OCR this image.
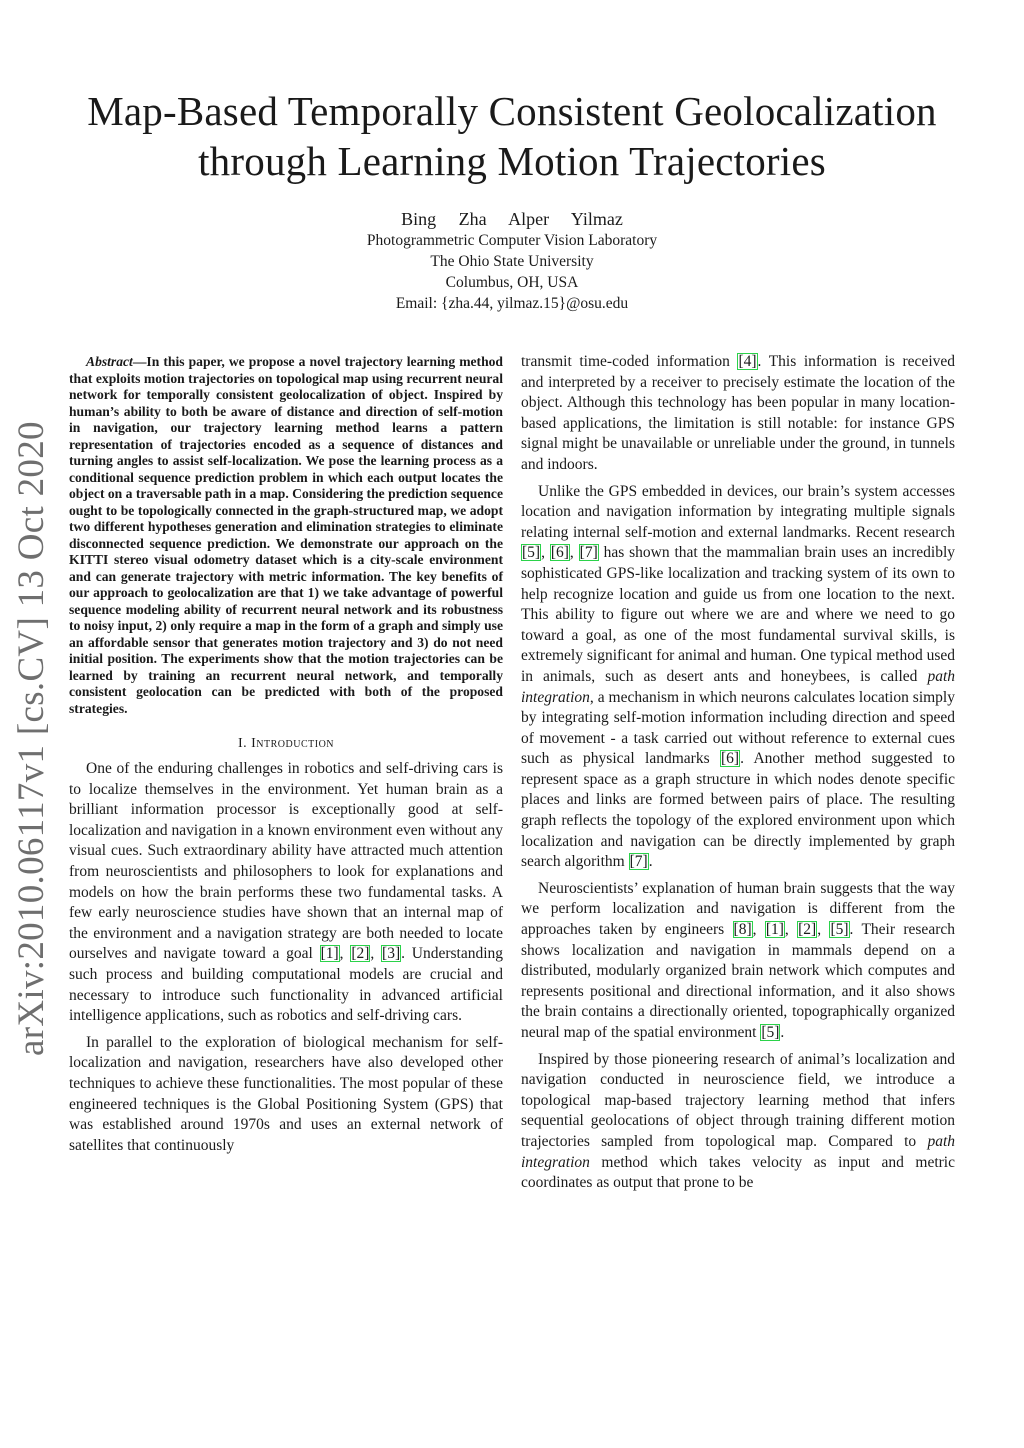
Map-Based Temporally Consistent Geolocalization
through Learning Motion Trajectories
Bing Zha Alper Yilmaz
Photogrammetric Computer Vision Laboratory
The Ohio State University
Columbus, OH, USA
Email: {zha.44, yilmaz.15}@osu.edu
arXiv:2010.06117v1 [cs.CV] 13 Oct 2020

Abstract—In this paper, we propose a novel trajectory learning method that exploits motion trajectories on topological map using recurrent neural network for temporally consistent geolocalization of object. Inspired by human’s ability to both be aware of distance and direction of self-motion in navigation, our trajectory learning method learns a pattern representation of trajectories encoded as a sequence of distances and turning angles to assist self-localization. We pose the learning process as a conditional sequence prediction problem in which each output locates the object on a traversable path in a map. Considering the prediction sequence ought to be topologically connected in the graph-structured map, we adopt two different hypotheses generation and elimination strategies to eliminate disconnected sequence prediction. We demonstrate our approach on the KITTI stereo visual odometry dataset which is a city-scale environment and can generate trajectory with metric information. The key benefits of our approach to geolocalization are that 1) we take advantage of powerful sequence modeling ability of recurrent neural network and its robustness to noisy input, 2) only require a map in the form of a graph and simply use an affordable sensor that generates motion trajectory and 3) do not need initial position. The experiments show that the motion trajectories can be learned by training an recurrent neural network, and temporally consistent geolocation can be predicted with both of the proposed strategies.

I. Introduction

One of the enduring challenges in robotics and self-driving cars is to localize themselves in the environment. Yet human brain as a brilliant information processor is exceptionally good at self-localization and navigation in a known environment even without any visual cues. Such extraordinary ability have attracted much attention from neuroscientists and philosophers to look for explanations and models on how the brain performs these two fundamental tasks. A few early neuroscience studies have shown that an internal map of the environment and a navigation strategy are both needed to locate ourselves and navigate toward a goal [1], [2], [3]. Understanding such process and building computational models are crucial and necessary to introduce such functionality in advanced artificial intelligence applications, such as robotics and self-driving cars.

In parallel to the exploration of biological mechanism for self-localization and navigation, researchers have also developed other techniques to achieve these functionalities. The most popular of these engineered techniques is the Global Positioning System (GPS) that was established around 1970s and uses an external network of satellites that continuously

transmit time-coded information [4]. This information is received and interpreted by a receiver to precisely estimate the location of the object. Although this technology has been popular in many location-based applications, the limitation is still notable: for instance GPS signal might be unavailable or unreliable under the ground, in tunnels and indoors.

Unlike the GPS embedded in devices, our brain’s system accesses location and navigation information by integrating multiple signals relating internal self-motion and external landmarks. Recent research [5], [6], [7] has shown that the mammalian brain uses an incredibly sophisticated GPS-like localization and tracking system of its own to help recognize location and guide us from one location to the next. This ability to figure out where we are and where we need to go toward a goal, as one of the most fundamental survival skills, is extremely significant for animal and human. One typical method used in animals, such as desert ants and honeybees, is called path integration, a mechanism in which neurons calculates location simply by integrating self-motion information including direction and speed of movement - a task carried out without reference to external cues such as physical landmarks [6]. Another method suggested to represent space as a graph structure in which nodes denote specific places and links are formed between pairs of place. The resulting graph reflects the topology of the explored environment upon which localization and navigation can be directly implemented by graph search algorithm [7].

Neuroscientists’ explanation of human brain suggests that the way we perform localization and navigation is different from the approaches taken by engineers [8], [1], [2], [5]. Their research shows localization and navigation in mammals depend on a distributed, modularly organized brain network which computes and represents positional and directional information, and it also shows the brain contains a directionally oriented, topographically organized neural map of the spatial environment [5].

Inspired by those pioneering research of animal’s localization and navigation conducted in neuroscience field, we introduce a topological map-based trajectory learning method that infers sequential geolocations of object through training different motion trajectories sampled from topological map. Compared to path integration method which takes velocity as input and metric coordinates as output that prone to be
